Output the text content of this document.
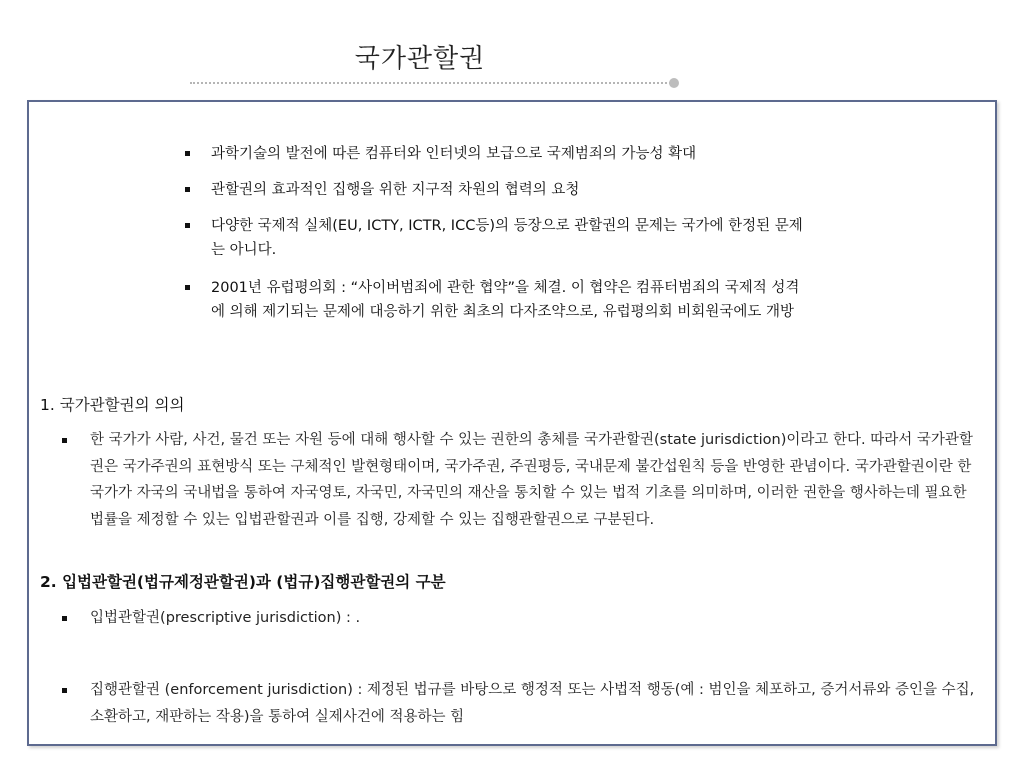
국가관할권
과학기술의 발전에 따른 컴퓨터와 인터넷의 보급으로 국제범죄의 가능성 확대
관할권의 효과적인 집행을 위한 지구적 차원의 협력의 요청
다양한 국제적 실체(EU, ICTY, ICTR, ICC등)의 등장으로 관할권의 문제는 국가에 한정된 문제는 아니다.
2001년 유럽평의회 : “사이버범죄에 관한 협약”을 체결. 이 협약은 컴퓨터범죄의 국제적 성격에 의해 제기되는 문제에 대응하기 위한 최초의 다자조약으로, 유럽평의회 비회원국에도 개방
1. 국가관할권의 의의
한 국가가 사람, 사건, 물건 또는 자원 등에 대해 행사할 수 있는 권한의 총체를 국가관할권(state jurisdiction)이라고 한다. 따라서 국가관할권은 국가주권의 표현방식 또는 구체적인 발현형태이며, 국가주권, 주권평등, 국내문제 불간섭원칙 등을 반영한 관념이다. 국가관할권이란 한 국가가 자국의 국내법을 통하여 자국영토, 자국민, 자국민의 재산을 통치할 수 있는 법적 기초를 의미하며, 이러한 권한을 행사하는데 필요한 법률을 제정할 수 있는 입법관할권과 이를 집행, 강제할 수 있는 집행관할권으로 구분된다.
2. 입법관할권(법규제정관할권)과 (법규)집행관할권의 구분
입법관할권(prescriptive jurisdiction) : .
집행관할권 (enforcement jurisdiction) : 제정된 법규를 바탕으로 행정적 또는 사법적 행동(예 : 범인을 체포하고, 증거서류와 증인을 수집, 소환하고, 재판하는 작용)을 통하여 실제사건에 적용하는 힘
